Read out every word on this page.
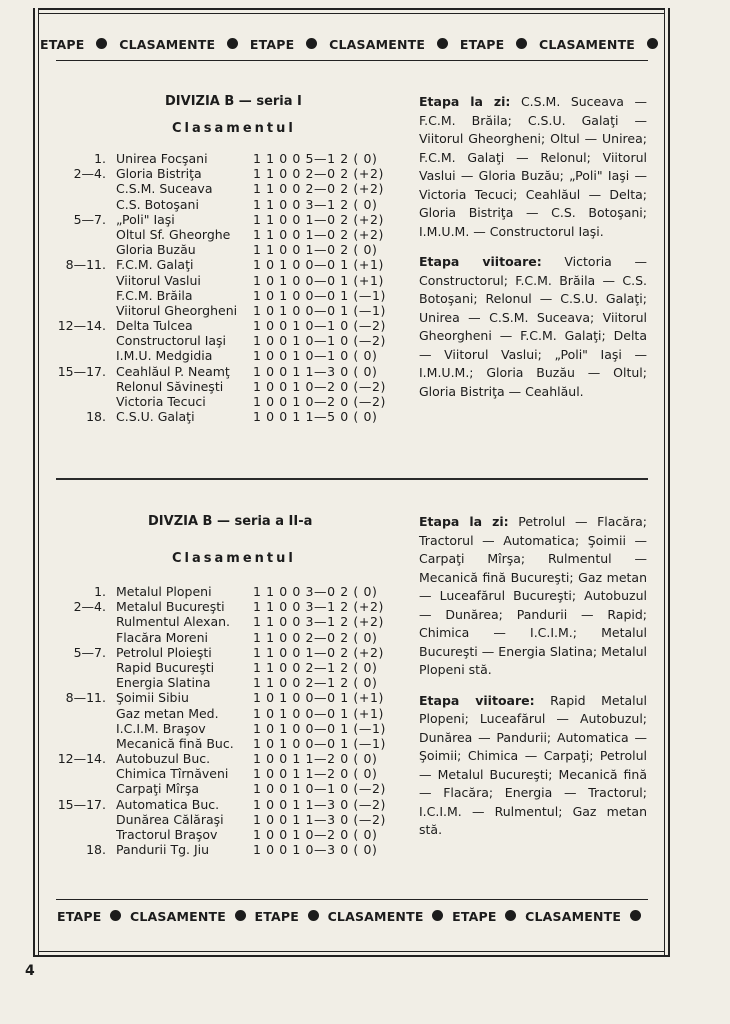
ETAPE	CLASAMENTE	ETAPE	CLASAMENTE	ETAPE	CLASAMENTE
DIVIZIA B — seria I
Clasamentul
1. Unirea Focşani	1 1 0 0 5—1 2 ( 0)
2—4. Gloria Bistriţa	1 1 0 0 2—0 2 (+2)
C.S.M. Suceava	1 1 0 0 2—0 2 (+2)
C.S. Botoşani	1 1 0 0 3—1 2 ( 0)
5—7. „Poli" Iaşi	1 1 0 0 1—0 2 (+2)
Oltul Sf. Gheorghe	1 1 0 0 1—0 2 (+2)
Gloria Buzău	1 1 0 0 1—0 2 ( 0)
8—11. F.C.M. Galaţi	1 0 1 0 0—0 1 (+1)
Viitorul Vaslui	1 0 1 0 0—0 1 (+1)
F.C.M. Brăila	1 0 1 0 0—0 1 (—1)
Viitorul Gheorgheni	1 0 1 0 0—0 1 (—1)
12—14. Delta Tulcea	1 0 0 1 0—1 0 (—2)
Constructorul Iaşi	1 0 0 1 0—1 0 (—2)
I.M.U. Medgidia	1 0 0 1 0—1 0 ( 0)
15—17. Ceahlăul P. Neamţ	1 0 0 1 1—3 0 ( 0)
Relonul Săvineşti	1 0 0 1 0—2 0 (—2)
Victoria Tecuci	1 0 0 1 0—2 0 (—2)
18. C.S.U. Galaţi	1 0 0 1 1—5 0 ( 0)

Etapa la zi: C.S.M. Suceava — F.C.M. Brăila; C.S.U. Galaţi — Viitorul Gheorgheni; Oltul — Unirea; F.C.M. Galaţi — Relonul; Viitorul Vaslui — Gloria Buzău; „Poli" Iaşi — Victoria Tecuci; Ceahlăul — Delta; Gloria Bistriţa — C.S. Botoşani; I.M.U.M. — Constructorul Iaşi.

Etapa viitoare: Victoria — Constructorul; F.C.M. Brăila — C.S. Botoşani; Relonul — C.S.U. Galaţi; Unirea — C.S.M. Suceava; Viitorul Gheorgheni — F.C.M. Galaţi; Delta — Viitorul Vaslui; „Poli" Iaşi — I.M.U.M.; Gloria Buzău — Oltul; Gloria Bistriţa — Ceahlăul.

DIVZIA B — seria a II-a
Clasamentul
1. Metalul Plopeni	1 1 0 0 3—0 2 ( 0)
2—4. Metalul Bucureşti	1 1 0 0 3—1 2 (+2)
Rulmentul Alexan.	1 1 0 0 3—1 2 (+2)
Flacăra Moreni	1 1 0 0 2—0 2 ( 0)
5—7. Petrolul Ploieşti	1 1 0 0 1—0 2 (+2)
Rapid Bucureşti	1 1 0 0 2—1 2 ( 0)
Energia Slatina	1 1 0 0 2—1 2 ( 0)
8—11. Şoimii Sibiu	1 0 1 0 0—0 1 (+1)
Gaz metan Med.	1 0 1 0 0—0 1 (+1)
I.C.I.M. Braşov	1 0 1 0 0—0 1 (—1)
Mecanică fină Buc.	1 0 1 0 0—0 1 (—1)
12—14. Autobuzul Buc.	1 0 0 1 1—2 0 ( 0)
Chimica Tîrnăveni	1 0 0 1 1—2 0 ( 0)
Carpaţi Mîrşa	1 0 0 1 0—1 0 (—2)
15—17. Automatica Buc.	1 0 0 1 1—3 0 (—2)
Dunărea Călăraşi	1 0 0 1 1—3 0 (—2)
Tractorul Braşov	1 0 0 1 0—2 0 ( 0)
18. Pandurii Tg. Jiu	1 0 0 1 0—3 0 ( 0)

Etapa la zi: Petrolul — Flacăra; Tractorul — Automatica; Şoimii — Carpaţi Mîrşa; Rulmentul — Mecanică fină Bucureşti; Gaz metan — Luceafărul Bucureşti; Autobuzul — Dunărea; Pandurii — Rapid; Chimica — I.C.I.M.; Metalul Bucureşti — Energia Slatina; Metalul Plopeni stă.

Etapa viitoare: Rapid Metalul Plopeni; Luceafărul — Autobuzul; Dunărea — Pandurii; Automatica — Şoimii; Chimica — Carpaţi; Petrolul — Metalul Bucureşti; Mecanică fină — Flacăra; Energia — Tractorul; I.C.I.M. — Rulmentul; Gaz metan stă.

ETAPE CLASAMENTE ETAPE CLASAMENTE ETAPE CLASAMENTE
4
